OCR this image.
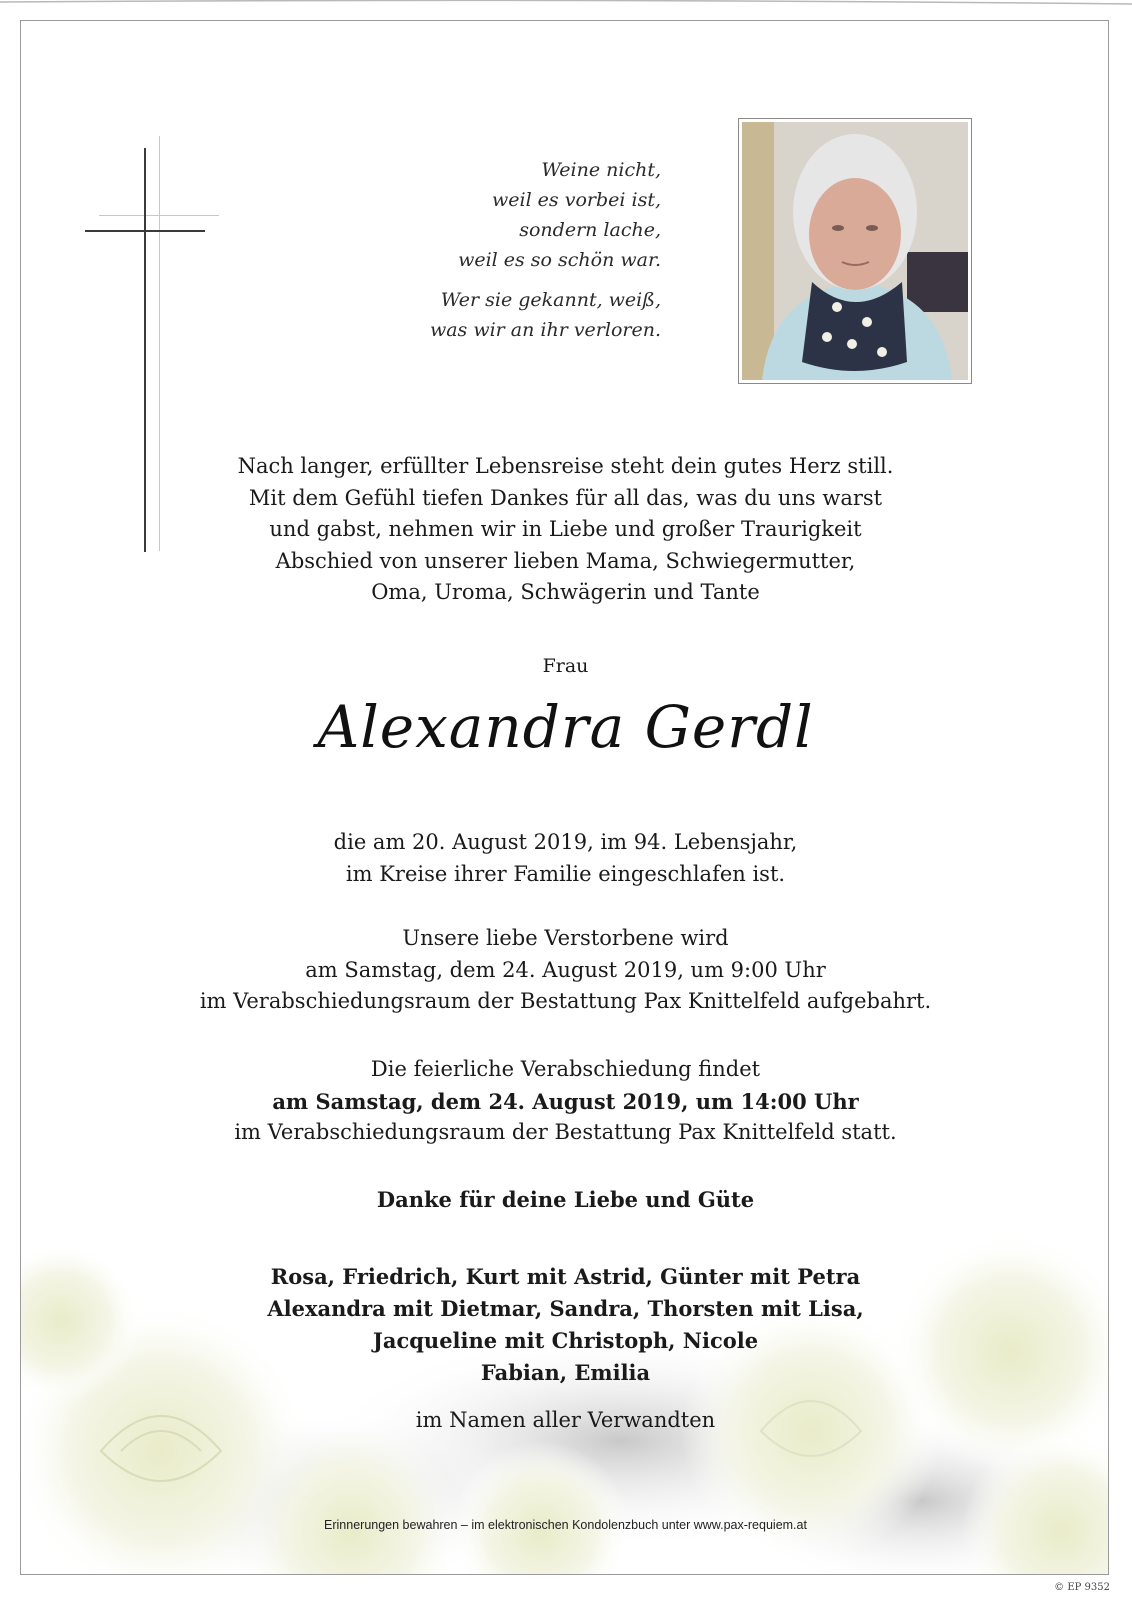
Weine nicht,
weil es vorbei ist,
sondern lache,
weil es so schön war.
Wer sie gekannt, weiß,
was wir an ihr verloren.
Nach langer, erfüllter Lebensreise steht dein gutes Herz still.
Mit dem Gefühl tiefen Dankes für all das, was du uns warst
und gabst, nehmen wir in Liebe und großer Traurigkeit
Abschied von unserer lieben Mama, Schwiegermutter,
Oma, Uroma, Schwägerin und Tante
Frau
Alexandra Gerdl
die am 20. August 2019, im 94. Lebensjahr,
im Kreise ihrer Familie eingeschlafen ist.
Unsere liebe Verstorbene wird
am Samstag, dem 24. August 2019, um 9:00 Uhr
im Verabschiedungsraum der Bestattung Pax Knittelfeld aufgebahrt.
Die feierliche Verabschiedung findet
am Samstag, dem 24. August 2019, um 14:00 Uhr
im Verabschiedungsraum der Bestattung Pax Knittelfeld statt.
Danke für deine Liebe und Güte
Rosa, Friedrich, Kurt mit Astrid, Günter mit Petra
Alexandra mit Dietmar, Sandra, Thorsten mit Lisa,
Jacqueline mit Christoph, Nicole
Fabian, Emilia
im Namen aller Verwandten
Erinnerungen bewahren – im elektronischen Kondolenzbuch unter www.pax-requiem.at
© EP 9352
